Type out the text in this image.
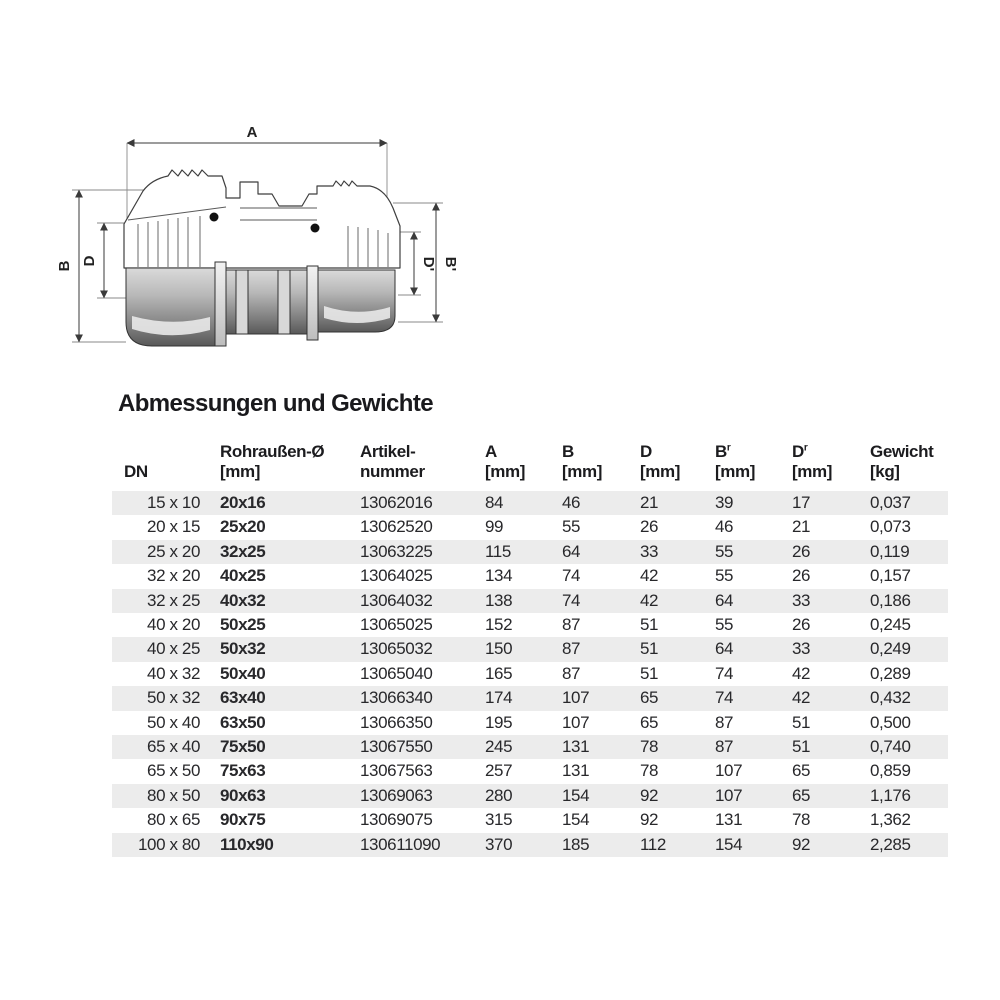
A
B D	D' B'
Abmessungen und Gewichte
DN

Rohraußen-Ø
[mm]

Artikel-
nummer

A
[mm]

B
[mm]

D
[mm]

$B^r$
[mm]

$D^r$
[mm]

Gewicht
[kg]

15 x 10	20x16	13062016	84	46	21	39	17	0,037
20 x 15	25x20	13062520	99	55	26	46	21	0,073
25 x 20	32x25	13063225	115	64	33	55	26	0,119
32 x 20	40x25	13064025	134	74	42	55	26	0,157
32 x 25	40x32	13064032	138	74	42	64	33	0,186
40 x 20	50x25	13065025	152	87	51	55	26	0,245
40 x 25	50x32	13065032	150	87	51	64	33	0,249
40 x 32	50x40	13065040	165	87	51	74	42	0,289
50 x 32	63x40	13066340	174	107	65	74	42	0,432
50 x 40	63x50	13066350	195	107	65	87	51	0,500
65 x 40	75x50	13067550	245	131	78	87	51	0,740
65 x 50	75x63	13067563	257	131	78	107	65	0,859
80 x 50	90x63	13069063	280	154	92	107	65	1,176
80 x 65	90x75	13069075	315	154	92	131	78	1,362
100 x 80	110x90	130611090	370	185	112	154	92	2,285
